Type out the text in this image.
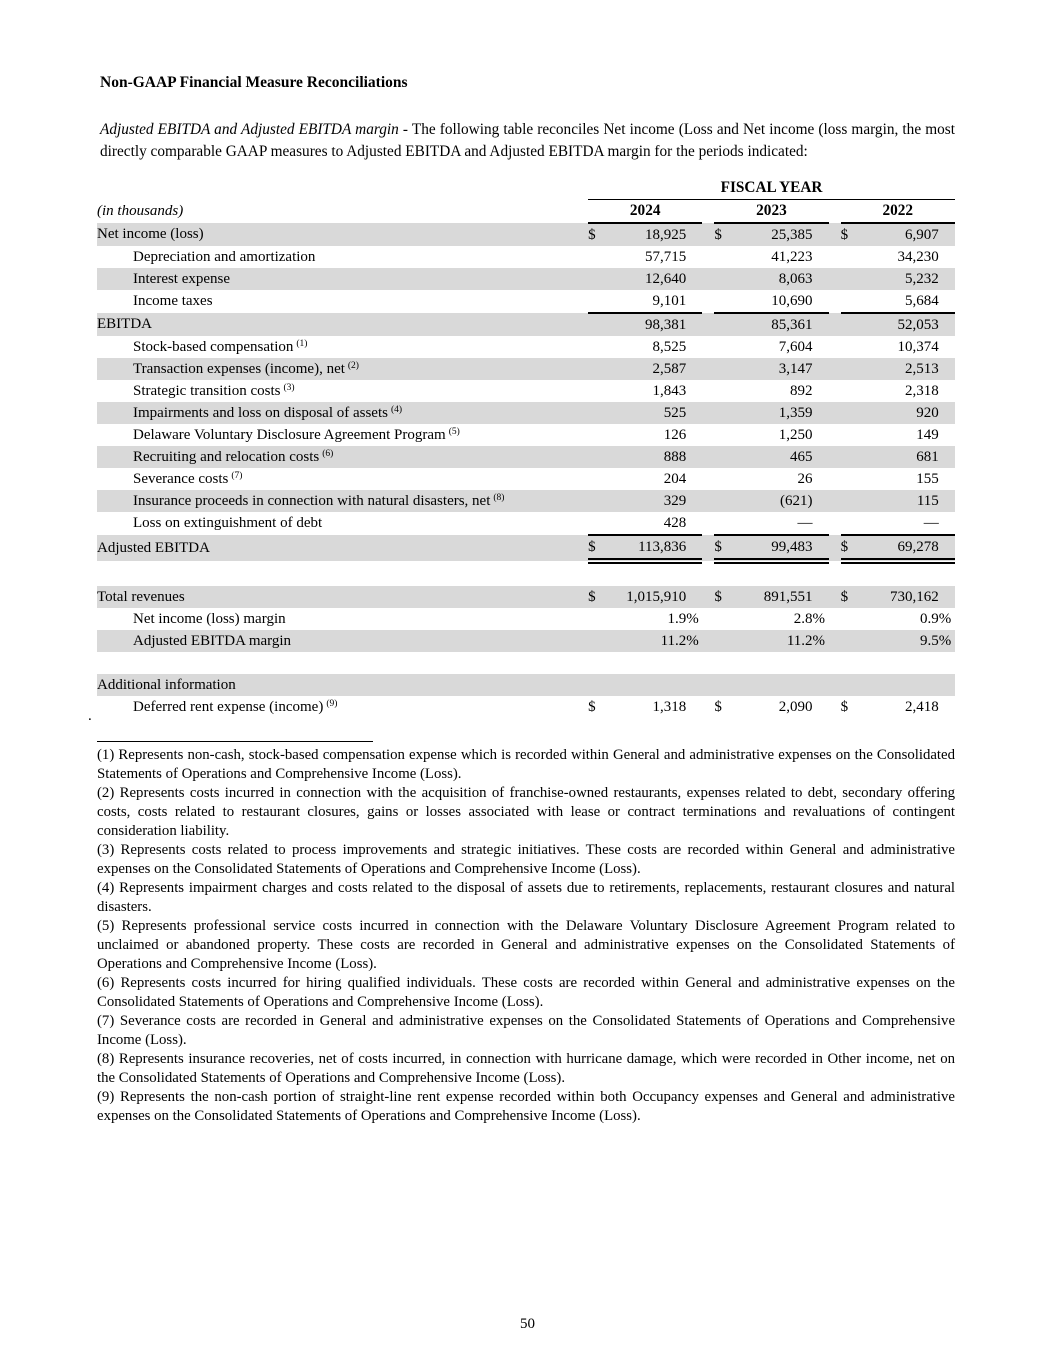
Non-GAAP Financial Measure Reconciliations

Adjusted EBITDA and Adjusted EBITDA margin - The following table reconciles Net income (Loss and Net income (loss margin, the most directly comparable GAAP measures to Adjusted EBITDA and Adjusted EBITDA margin for the periods indicated:

	FISCAL YEAR										
(in thousands)	2024				2023				2022		
Net income (loss)	$	18,925			$	25,385			$	6,907	
Depreciation and amortization		57,715				41,223				34,230	
Interest expense		12,640				8,063				5,232	
Income taxes		9,101				10,690				5,684	
EBITDA		98,381				85,361				52,053	
Stock-based compensation $^{(1)}$		8,525				7,604				10,374	
Transaction expenses (income), net $^{(2)}$		2,587				3,147				2,513	
Strategic transition costs $^{(3)}$		1,843				892				2,318	
Impairments and loss on disposal of assets $^{(4)}$		525				1,359				920	
Delaware Voluntary Disclosure Agreement Program $^{(5)}$		126				1,250				149	
Recruiting and relocation costs $^{(6)}$		888				465				681	
Severance costs $^{(7)}$		204				26				155	
Insurance proceeds in connection with natural disasters, net $^{(8)}$		329				(621)				115	
Loss on extinguishment of debt		428				—				—	
Adjusted EBITDA	$	113,836			$	99,483			$	69,278	

Total revenues	$	1,015,910			$	891,551			$	730,162	
Net income (loss) margin		1.9	%			2.8	%			0.9	%
Adjusted EBITDA margin		11.2	%			11.2	%			9.5	%

Additional information											
Deferred rent expense (income) $^{(9)}$	$	1,318			$	2,090			$	2,418	

(1) Represents non-cash, stock-based compensation expense which is recorded within General and administrative expenses on the Consolidated Statements of Operations and Comprehensive Income (Loss).

(2) Represents costs incurred in connection with the acquisition of franchise-owned restaurants, expenses related to debt, secondary offering costs, costs related to restaurant closures, gains or losses associated with lease or contract terminations and revaluations of contingent consideration liability.

(3) Represents costs related to process improvements and strategic initiatives. These costs are recorded within General and administrative expenses on the Consolidated Statements of Operations and Comprehensive Income (Loss).

(4) Represents impairment charges and costs related to the disposal of assets due to retirements, replacements, restaurant closures and natural disasters.

(5) Represents professional service costs incurred in connection with the Delaware Voluntary Disclosure Agreement Program related to unclaimed or abandoned property. These costs are recorded in General and administrative expenses on the Consolidated Statements of Operations and Comprehensive Income (Loss).

(6) Represents costs incurred for hiring qualified individuals. These costs are recorded within General and administrative expenses on the Consolidated Statements of Operations and Comprehensive Income (Loss).

(7) Severance costs are recorded in General and administrative expenses on the Consolidated Statements of Operations and Comprehensive Income (Loss).

(8) Represents insurance recoveries, net of costs incurred, in connection with hurricane damage, which were recorded in Other income, net on the Consolidated Statements of Operations and Comprehensive Income (Loss).

(9) Represents the non-cash portion of straight-line rent expense recorded within both Occupancy expenses and General and administrative expenses on the Consolidated Statements of Operations and Comprehensive Income (Loss).

.
50
